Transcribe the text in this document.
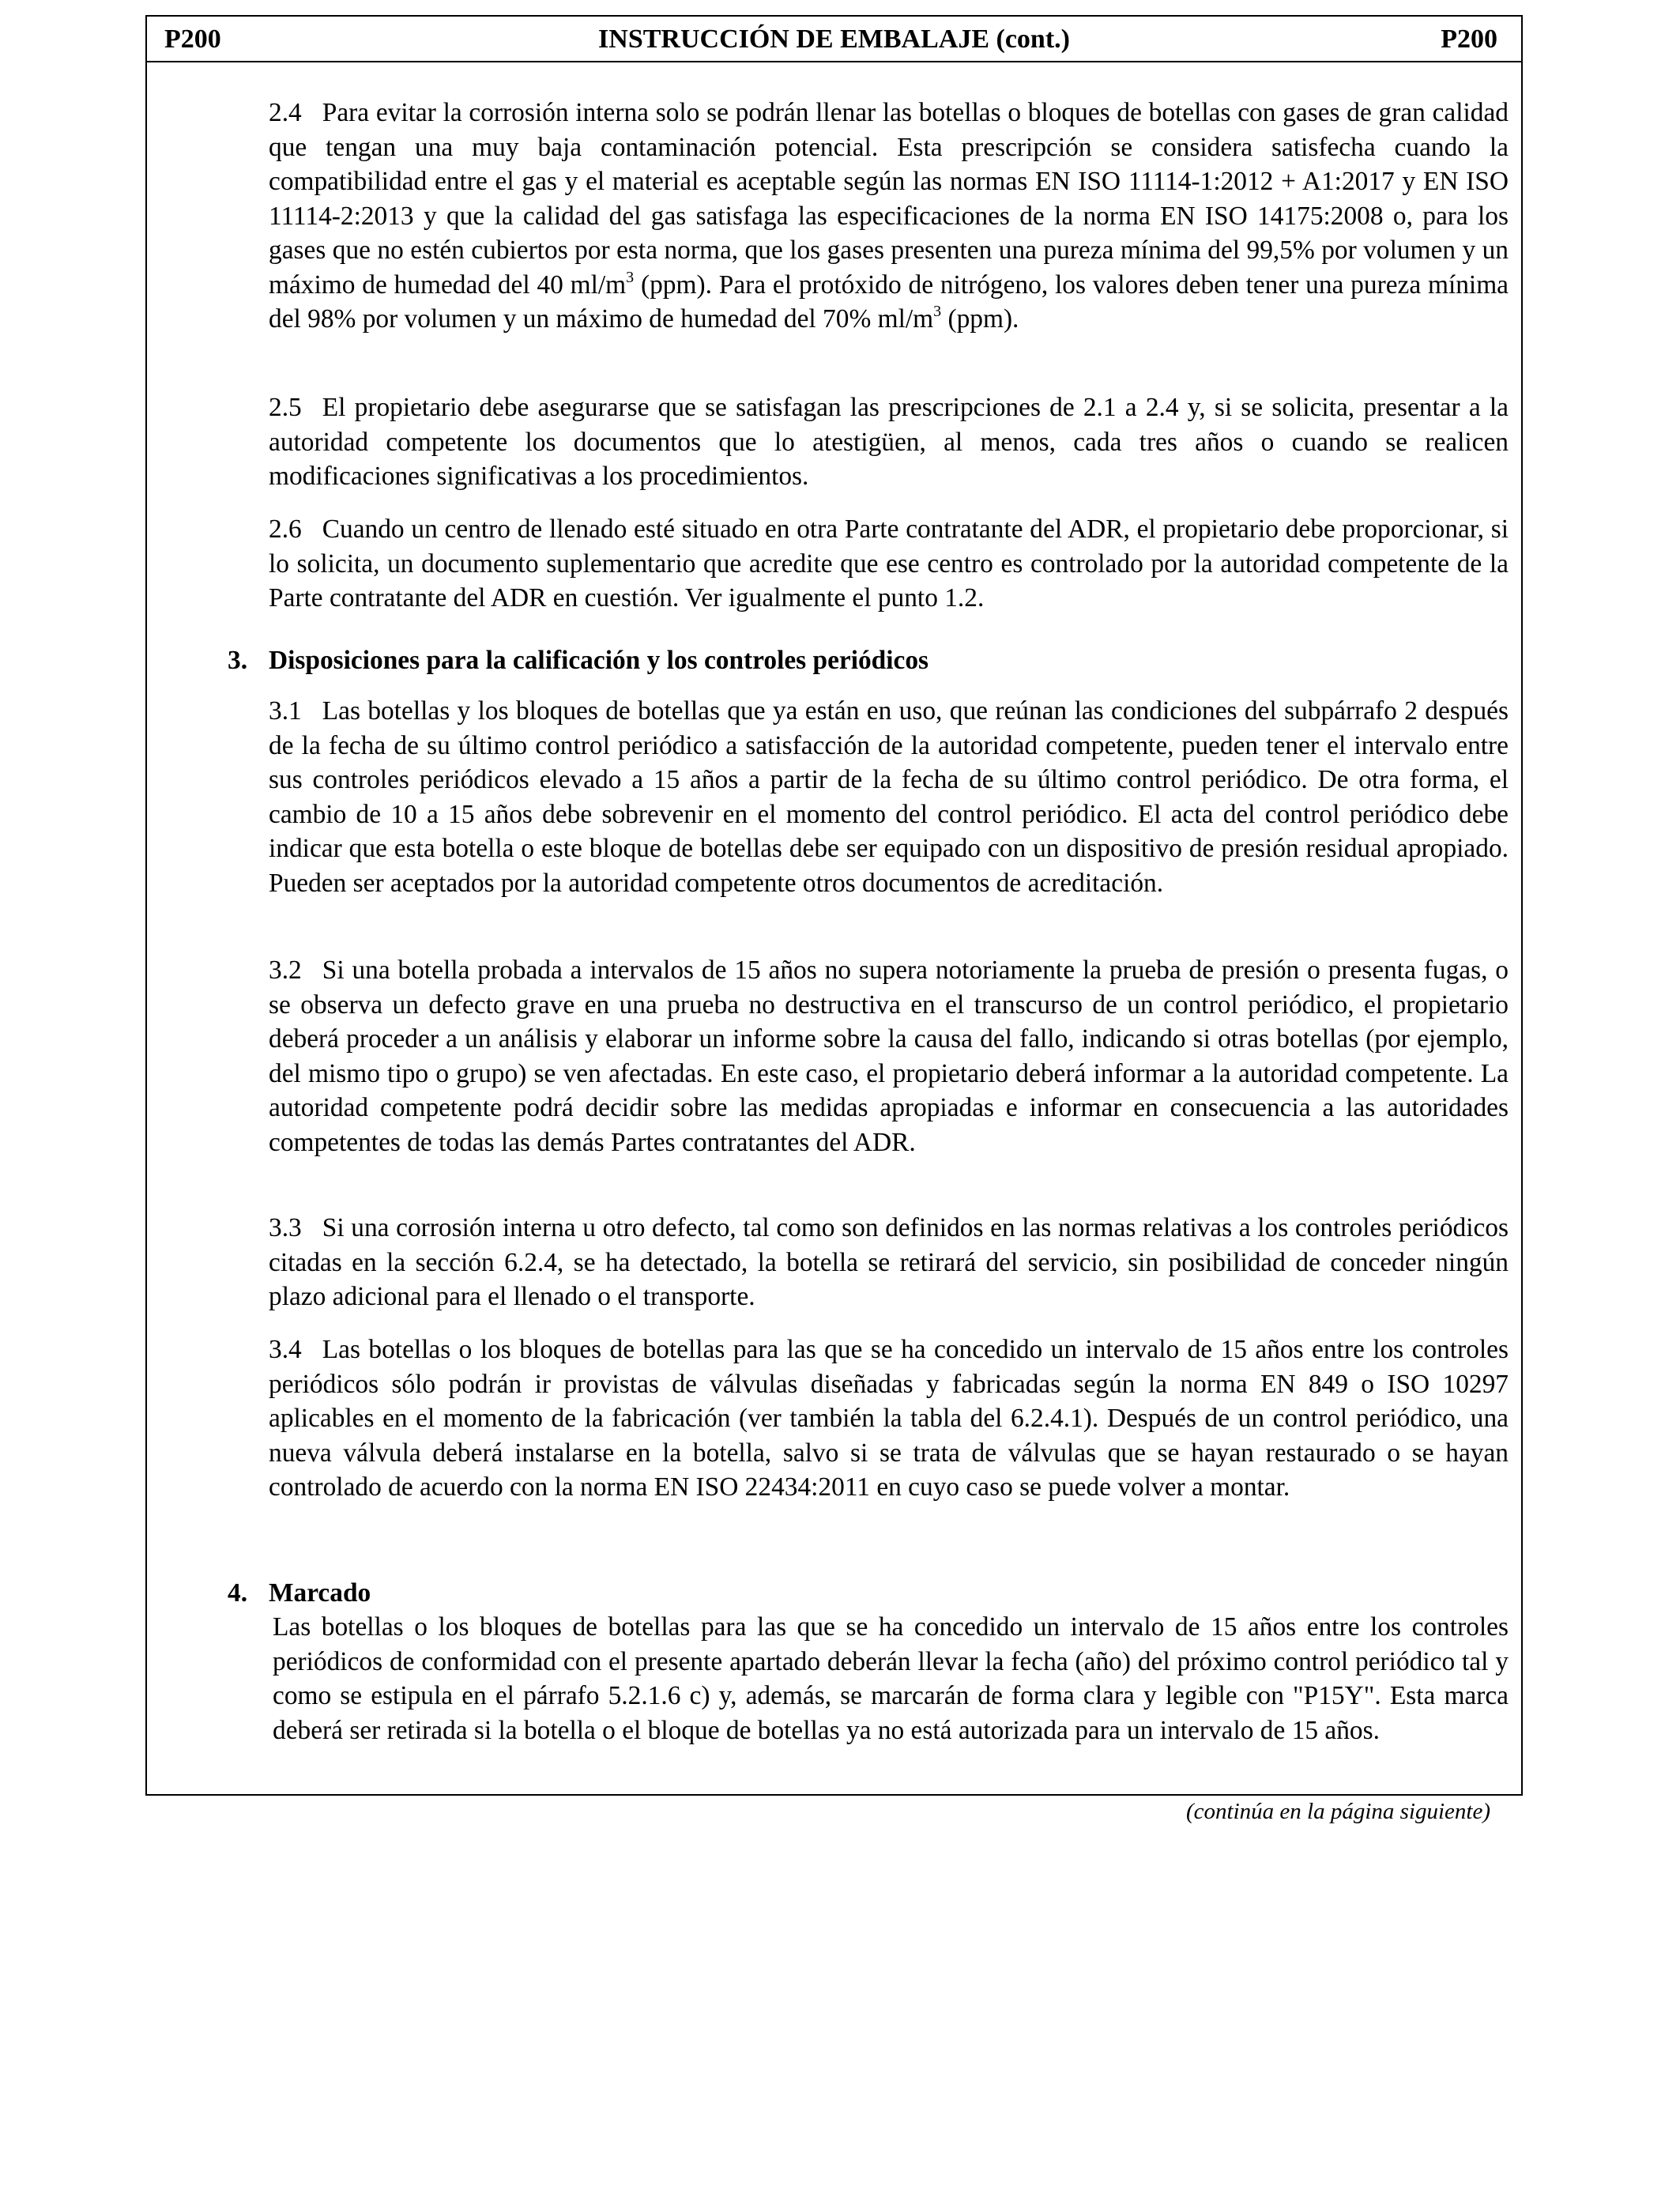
INSTRUCCIÓN DE EMBALAJE (cont.)
P200	P200
2.4 Para evitar la corrosión interna solo se podrán llenar las botellas o bloques de botellas con gases de gran calidad que tengan una muy baja contaminación potencial. Esta prescripción se considera satisfecha cuando la compatibilidad entre el gas y el material es aceptable según las normas EN ISO 11114-1:2012 + A1:2017 y EN ISO 11114-2:2013 y que la calidad del gas satisfaga las especificaciones de la norma EN ISO 14175:2008 o, para los gases que no estén cubiertos por esta norma, que los gases presenten una pureza mínima del 99,5% por volumen y un máximo de humedad del 40 $ml/m^3$ (ppm). Para el protóxido de nitrógeno, los valores deben tener una pureza mínima del 98% por volumen y un máximo de humedad del 70% $ml/m^3$ (ppm).
2.5 El propietario debe asegurarse que se satisfagan las prescripciones de 2.1 a 2.4 y, si se solicita, presentar a la autoridad competente los documentos que lo atestigüen, al menos, cada tres años o cuando se realicen modificaciones significativas a los procedimientos.
2.6 Cuando un centro de llenado esté situado en otra Parte contratante del ADR, el propietario debe proporcionar, si lo solicita, un documento suplementario que acredite que ese centro es controlado por la autoridad competente de la Parte contratante del ADR en cuestión. Ver igualmente el punto 1.2.
3. Disposiciones para la calificación y los controles periódicos
3.1 Las botellas y los bloques de botellas que ya están en uso, que reúnan las condiciones del subpárrafo 2 después de la fecha de su último control periódico a satisfacción de la autoridad competente, pueden tener el intervalo entre sus controles periódicos elevado a 15 años a partir de la fecha de su último control periódico. De otra forma, el cambio de 10 a 15 años debe sobrevenir en el momento del control periódico. El acta del control periódico debe indicar que esta botella o este bloque de botellas debe ser equipado con un dispositivo de presión residual apropiado. Pueden ser aceptados por la autoridad competente otros documentos de acreditación.
3.2 Si una botella probada a intervalos de 15 años no supera notoriamente la prueba de presión o presenta fugas, o se observa un defecto grave en una prueba no destructiva en el transcurso de un control periódico, el propietario deberá proceder a un análisis y elaborar un informe sobre la causa del fallo, indicando si otras botellas (por ejemplo, del mismo tipo o grupo) se ven afectadas. En este caso, el propietario deberá informar a la autoridad competente. La autoridad competente podrá decidir sobre las medidas apropiadas e informar en consecuencia a las autoridades competentes de todas las demás Partes contratantes del ADR.
3.3 Si una corrosión interna u otro defecto, tal como son definidos en las normas relativas a los controles periódicos citadas en la sección 6.2.4, se ha detectado, la botella se retirará del servicio, sin posibilidad de conceder ningún plazo adicional para el llenado o el transporte.
3.4 Las botellas o los bloques de botellas para las que se ha concedido un intervalo de 15 años entre los controles periódicos sólo podrán ir provistas de válvulas diseñadas y fabricadas según la norma EN 849 o ISO 10297 aplicables en el momento de la fabricación (ver también la tabla del 6.2.4.1). Después de un control periódico, una nueva válvula deberá instalarse en la botella, salvo si se trata de válvulas que se hayan restaurado o se hayan controlado de acuerdo con la norma EN ISO 22434:2011 en cuyo caso se puede volver a montar.
4. Marcado
Las botellas o los bloques de botellas para las que se ha concedido un intervalo de 15 años entre los controles periódicos de conformidad con el presente apartado deberán llevar la fecha (año) del próximo control periódico tal y como se estipula en el párrafo 5.2.1.6 c) y, además, se marcarán de forma clara y legible con "P15Y". Esta marca deberá ser retirada si la botella o el bloque de botellas ya no está autorizada para un intervalo de 15 años.
(continúa en la página siguiente)
